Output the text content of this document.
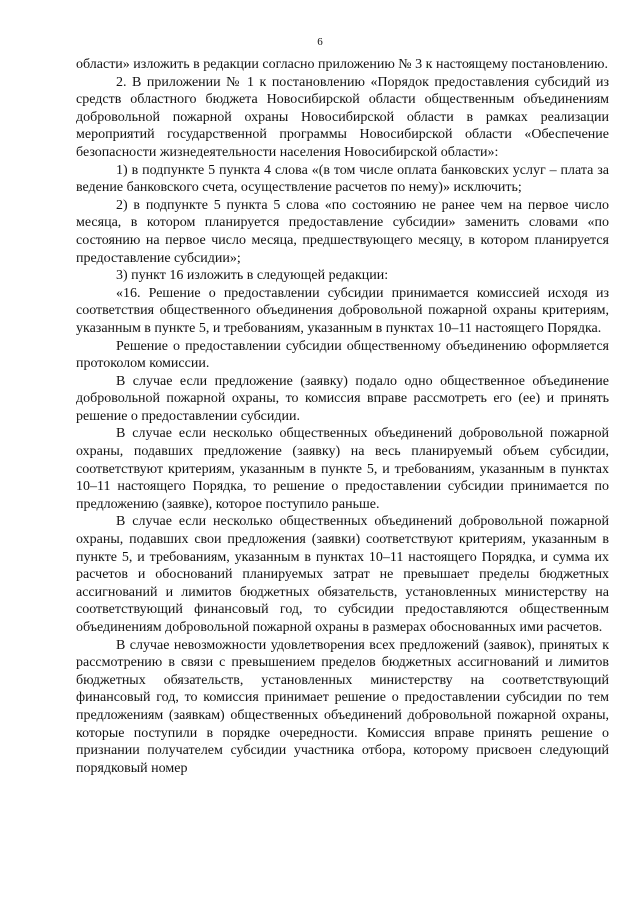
6

области» изложить в редакции согласно приложению № 3 к настоящему постановлению.

2. В приложении № 1 к постановлению «Порядок предоставления субсидий из средств областного бюджета Новосибирской области общественным объединениям добровольной пожарной охраны Новосибирской области в рамках реализации мероприятий государственной программы Новосибирской области «Обеспечение безопасности жизнедеятельности населения Новосибирской области»:

1) в подпункте 5 пункта 4 слова «(в том числе оплата банковских услуг – плата за ведение банковского счета, осуществление расчетов по нему)» исключить;

2) в подпункте 5 пункта 5 слова «по состоянию не ранее чем на первое число месяца, в котором планируется предоставление субсидии» заменить словами «по состоянию на первое число месяца, предшествующего месяцу, в котором планируется предоставление субсидии»;

3) пункт 16 изложить в следующей редакции:

«16. Решение о предоставлении субсидии принимается комиссией исходя из соответствия общественного объединения добровольной пожарной охраны критериям, указанным в пункте 5, и требованиям, указанным в пунктах 10–11 настоящего Порядка.

Решение о предоставлении субсидии общественному объединению оформляется протоколом комиссии.

В случае если предложение (заявку) подало одно общественное объединение добровольной пожарной охраны, то комиссия вправе рассмотреть его (ее) и принять решение о предоставлении субсидии.

В случае если несколько общественных объединений добровольной пожарной охраны, подавших предложение (заявку) на весь планируемый объем субсидии, соответствуют критериям, указанным в пункте 5, и требованиям, указанным в пунктах 10–11 настоящего Порядка, то решение о предоставлении субсидии принимается по предложению (заявке), которое поступило раньше.

В случае если несколько общественных объединений добровольной пожарной охраны, подавших свои предложения (заявки) соответствуют критериям, указанным в пункте 5, и требованиям, указанным в пунктах 10–11 настоящего Порядка, и сумма их расчетов и обоснований планируемых затрат не превышает пределы бюджетных ассигнований и лимитов бюджетных обязательств, установленных министерству на соответствующий финансовый год, то субсидии предоставляются общественным объединениям добровольной пожарной охраны в размерах обоснованных ими расчетов.

В случае невозможности удовлетворения всех предложений (заявок), принятых к рассмотрению в связи с превышением пределов бюджетных ассигнований и лимитов бюджетных обязательств, установленных министерству на соответствующий финансовый год, то комиссия принимает решение о предоставлении субсидии по тем предложениям (заявкам) общественных объединений добровольной пожарной охраны, которые поступили в порядке очередности. Комиссия вправе принять решение о признании получателем субсидии участника отбора, которому присвоен следующий порядковый номер
